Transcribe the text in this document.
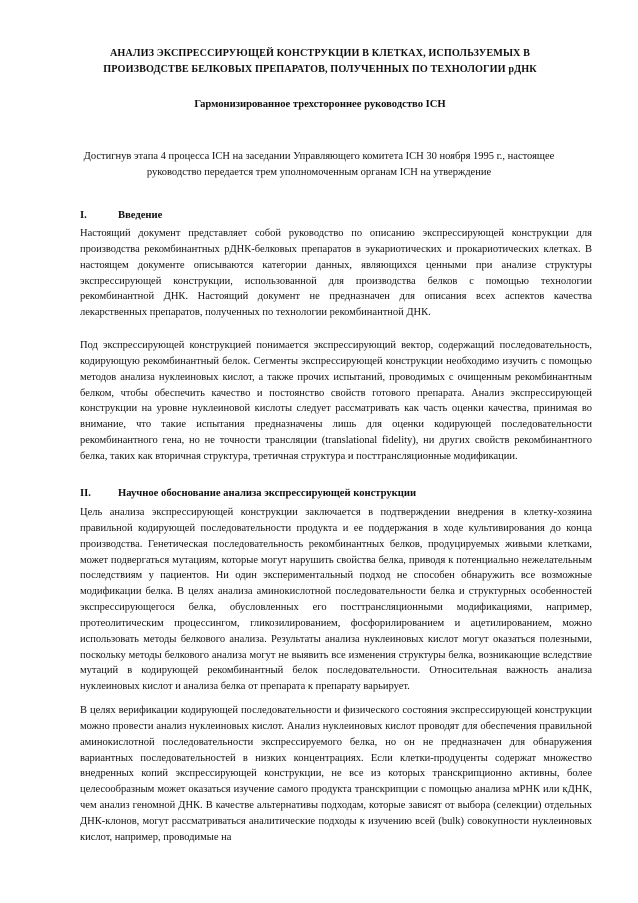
АНАЛИЗ ЭКСПРЕССИРУЮЩЕЙ КОНСТРУКЦИИ В КЛЕТКАХ, ИСПОЛЬЗУЕМЫХ В
ПРОИЗВОДСТВЕ БЕЛКОВЫХ ПРЕПАРАТОВ, ПОЛУЧЕННЫХ ПО ТЕХНОЛОГИИ рДНК
Гармонизированное трехстороннее руководство ICH
Достигнув этапа 4 процесса ICH на заседании Управляющего комитета ICH 30 ноября 1995 г., настоящее руководство передается трем уполномоченным органам ICH на утверждение
I.	Введение

Настоящий документ представляет собой руководство по описанию экспрессирующей конструкции для производства рекомбинантных рДНК-белковых препаратов в эукариотических и прокариотических клетках. В настоящем документе описываются категории данных, являющихся ценными при анализе структуры экспрессирующей конструкции, использованной для производства белков с помощью технологии рекомбинантной ДНК. Настоящий документ не предназначен для описания всех аспектов качества лекарственных препаратов, полученных по технологии рекомбинантной ДНК.

Под экспрессирующей конструкцией понимается экспрессирующий вектор, содержащий последовательность, кодирующую рекомбинантный белок. Сегменты экспрессирующей конструкции необходимо изучить с помощью методов анализа нуклеиновых кислот, а также прочих испытаний, проводимых с очищенным рекомбинантным белком, чтобы обеспечить качество и постоянство свойств готового препарата. Анализ экспрессирующей конструкции на уровне нуклеиновой кислоты следует рассматривать как часть оценки качества, принимая во внимание, что такие испытания предназначены лишь для оценки кодирующей последовательности рекомбинантного гена, но не точности трансляции (translational fidelity), ни других свойств рекомбинантного белка, таких как вторичная структура, третичная структура и посттрансляционные модификации.

II.	Научное обоснование анализа экспрессирующей конструкции

Цель анализа экспрессирующей конструкции заключается в подтверждении внедрения в клетку-хозяина правильной кодирующей последовательности продукта и ее поддержания в ходе культивирования до конца производства. Генетическая последовательность рекомбинантных белков, продуцируемых живыми клетками, может подвергаться мутациям, которые могут нарушить свойства белка, приводя к потенциально нежелательным последствиям у пациентов. Ни один экспериментальный подход не способен обнаружить все возможные модификации белка. В целях анализа аминокислотной последовательности белка и структурных особенностей экспрессирующегося белка, обусловленных его посттрансляционными модификациями, например, протеолитическим процессингом, гликозилированием, фосфорилированием и ацетилированием, можно использовать методы белкового анализа. Результаты анализа нуклеиновых кислот могут оказаться полезными, поскольку методы белкового анализа могут не выявить все изменения структуры белка, возникающие вследствие мутаций в кодирующей рекомбинантный белок последовательности. Относительная важность анализа нуклеиновых кислот и анализа белка от препарата к препарату варьирует.

В целях верификации кодирующей последовательности и физического состояния экспрессирующей конструкции можно провести анализ нуклеиновых кислот. Анализ нуклеиновых кислот проводят для обеспечения правильной аминокислотной последовательности экспрессируемого белка, но он не предназначен для обнаружения вариантных последовательностей в низких концентрациях. Если клетки-продуценты содержат множество внедренных копий экспрессирующей конструкции, не все из которых транскрипционно активны, более целесообразным может оказаться изучение самого продукта транскрипции с помощью анализа мРНК или кДНК, чем анализ геномной ДНК. В качестве альтернативы подходам, которые зависят от выбора (селекции) отдельных ДНК-клонов, могут рассматриваться аналитические подходы к изучению всей (bulk) совокупности нуклеиновых кислот, например, проводимые на
